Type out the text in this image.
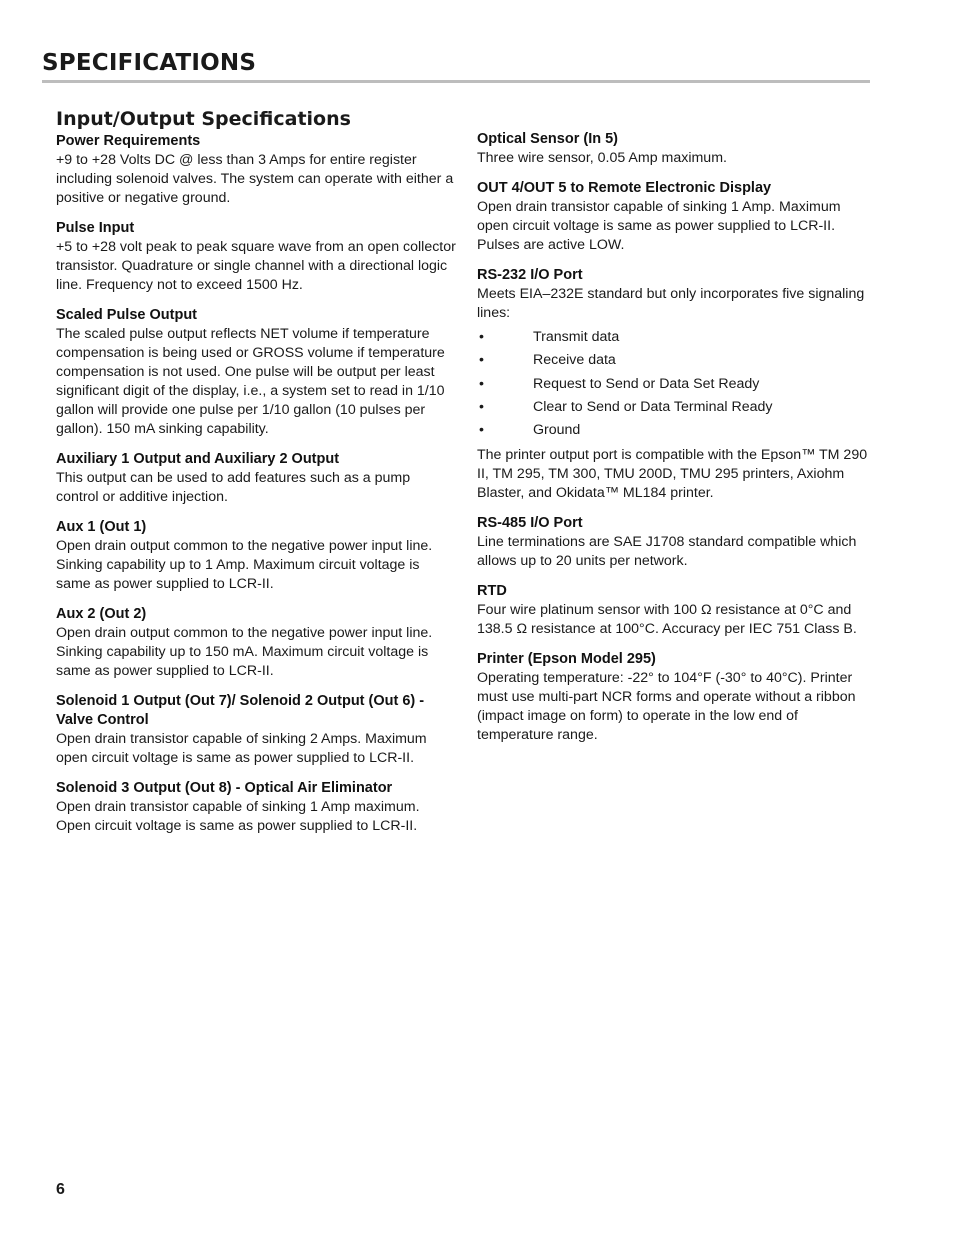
SPECIFICATIONS
Input/Output Specifications

Power Requirements

+9 to +28 Volts DC @ less than 3 Amps for entire register including solenoid valves. The system can operate with either a positive or negative ground.

Pulse Input

+5 to +28 volt peak to peak square wave from an open collector transistor. Quadrature or single channel with a directional logic line. Frequency not to exceed 1500 Hz.

Scaled Pulse Output

The scaled pulse output reflects NET volume if temperature compensation is being used or GROSS volume if temperature compensation is not used. One pulse will be output per least significant digit of the display, i.e., a system set to read in 1/10 gallon will provide one pulse per 1/10 gallon (10 pulses per gallon). 150 mA sinking capability.

Auxiliary 1 Output and Auxiliary 2 Output

This output can be used to add features such as a pump control or additive injection.

Aux 1 (Out 1)

Open drain output common to the negative power input line. Sinking capability up to 1 Amp. Maximum circuit voltage is same as power supplied to LCR-II.

Aux 2 (Out 2)

Open drain output common to the negative power input line. Sinking capability up to 150 mA. Maximum circuit voltage is same as power supplied to LCR-II.

Solenoid 1 Output (Out 7)/ Solenoid 2 Output (Out 6) - Valve Control

Open drain transistor capable of sinking 2 Amps. Maximum open circuit voltage is same as power supplied to LCR-II.

Solenoid 3 Output (Out 8) - Optical Air Eliminator

Open drain transistor capable of sinking 1 Amp maximum. Open circuit voltage is same as power supplied to LCR-II.

Optical Sensor (In 5)

Three wire sensor, 0.05 Amp maximum.

OUT 4/OUT 5 to Remote Electronic Display

Open drain transistor capable of sinking 1 Amp. Maximum open circuit voltage is same as power supplied to LCR-II. Pulses are active LOW.

RS-232 I/O Port

Meets EIA–232E standard but only incorporates five signaling lines:

•	Transmit data
•	Receive data
•	Request to Send or Data Set Ready
•	Clear to Send or Data Terminal Ready
•	Ground

The printer output port is compatible with the Epson™ TM 290 II, TM 295, TM 300, TMU 200D, TMU 295 printers, Axiohm Blaster, and Okidata™ ML184 printer.

RS-485 I/O Port

Line terminations are SAE J1708 standard compatible which allows up to 20 units per network.

RTD

Four wire platinum sensor with 100 Ω resistance at 0°C and 138.5 Ω resistance at 100°C. Accuracy per IEC 751 Class B.

Printer (Epson Model 295)

Operating temperature: -22° to 104°F (-30° to 40°C). Printer must use multi-part NCR forms and operate without a ribbon (impact image on form) to operate in the low end of temperature range.

6
